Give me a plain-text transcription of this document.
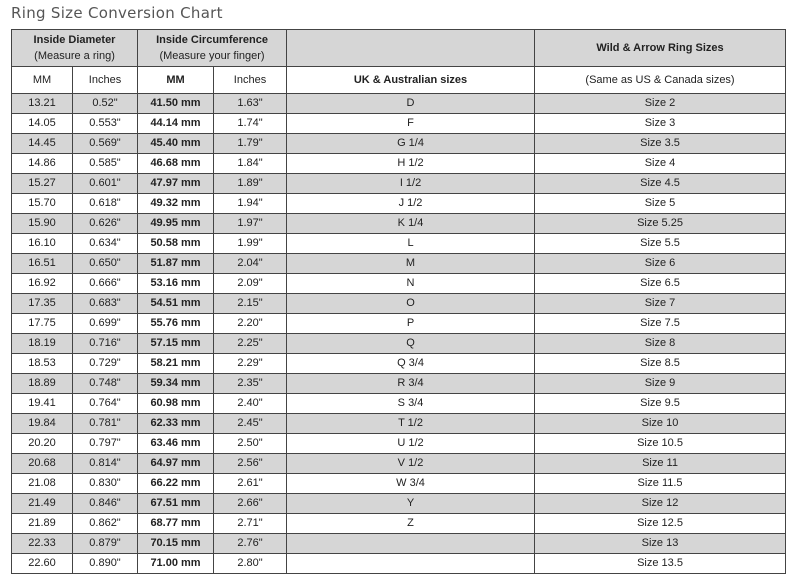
Ring Size Conversion Chart
Inside Diameter
(Measure a ring)		Inside Circumference
(Measure your finger)			Wild & Arrow Ring Sizes

MM	Inches	MM	Inches	UK & Australian sizes	(Same as US & Canada sizes)
13.21	0.52"	41.50 mm	1.63"	D	Size 2
14.05	0.553"	44.14 mm	1.74"	F	Size 3
14.45	0.569"	45.40 mm	1.79"	G 1/4	Size 3.5
14.86	0.585"	46.68 mm	1.84"	H 1/2	Size 4
15.27	0.601"	47.97 mm	1.89"	I 1/2	Size 4.5
15.70	0.618"	49.32 mm	1.94"	J 1/2	Size 5
15.90	0.626"	49.95 mm	1.97"	K 1/4	Size 5.25
16.10	0.634"	50.58 mm	1.99"	L	Size 5.5
16.51	0.650"	51.87 mm	2.04"	M	Size 6
16.92	0.666"	53.16 mm	2.09"	N	Size 6.5
17.35	0.683"	54.51 mm	2.15"	O	Size 7
17.75	0.699"	55.76 mm	2.20"	P	Size 7.5
18.19	0.716"	57.15 mm	2.25"	Q	Size 8
18.53	0.729"	58.21 mm	2.29"	Q 3/4	Size 8.5
18.89	0.748"	59.34 mm	2.35"	R 3/4	Size 9
19.41	0.764"	60.98 mm	2.40"	S 3/4	Size 9.5
19.84	0.781"	62.33 mm	2.45"	T 1/2	Size 10
20.20	0.797"	63.46 mm	2.50"	U 1/2	Size 10.5
20.68	0.814"	64.97 mm	2.56"	V 1/2	Size 11
21.08	0.830"	66.22 mm	2.61"	W 3/4	Size 11.5
21.49	0.846"	67.51 mm	2.66"	Y	Size 12
21.89	0.862"	68.77 mm	2.71"	Z	Size 12.5
22.33	0.879"	70.15 mm	2.76"		Size 13
22.60	0.890"	71.00 mm	2.80"		Size 13.5
